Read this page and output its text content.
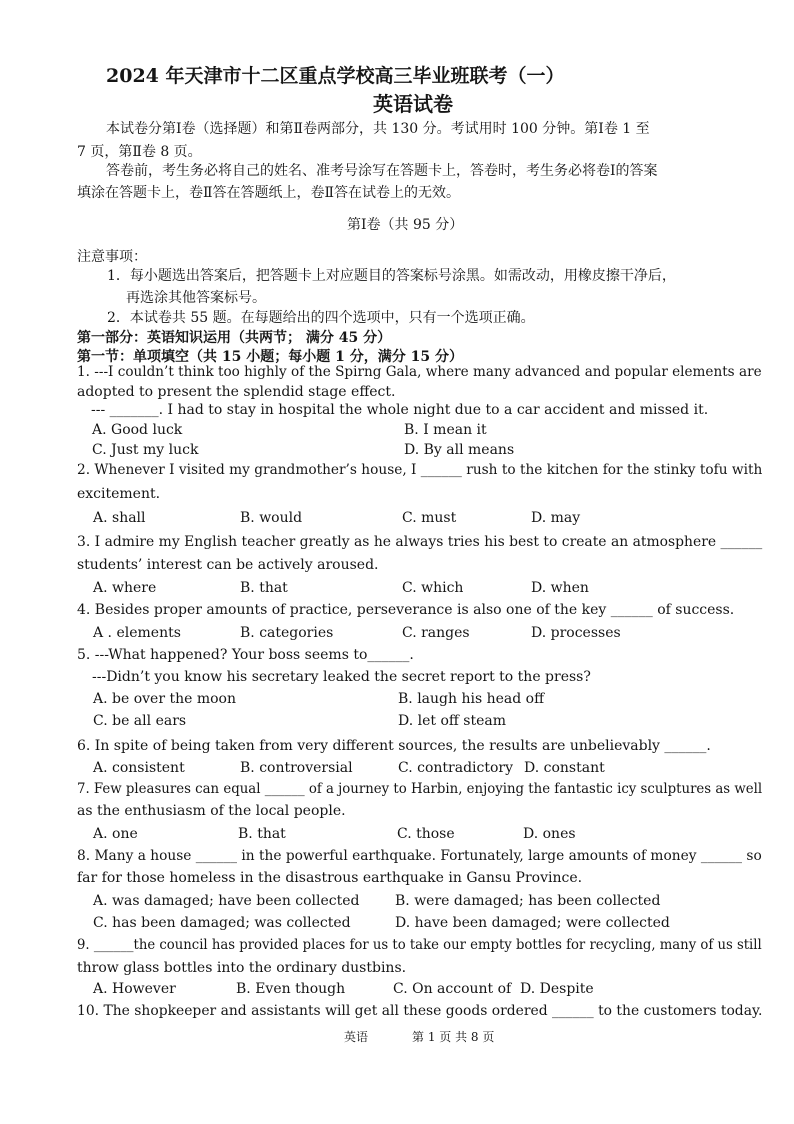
2024 年天津市十二区重点学校高三毕业班联考（一）
英语试卷
本试卷分第Ⅰ卷（选择题）和第Ⅱ卷两部分，共 130 分。考试用时 100 分钟。第Ⅰ卷 1 至
7 页，第Ⅱ卷 8 页。
答卷前，考生务必将自己的姓名、准考号涂写在答题卡上，答卷时，考生务必将卷Ⅰ的答案
填涂在答题卡上，卷Ⅱ答在答题纸上，卷Ⅱ答在试卷上的无效。
第Ⅰ卷（共 95 分）
注意事项：
1．每小题选出答案后，把答题卡上对应题目的答案标号涂黑。如需改动，用橡皮擦干净后，
再选涂其他答案标号。
2．本试卷共 55 题。在每题给出的四个选项中，只有一个选项正确。
第一部分：英语知识运用（共两节； 满分 45 分）
第一节：单项填空（共 15 小题；每小题 1 分，满分 15 分）
1. ---I couldn’t think too highly of the Spirng Gala, where many advanced and popular elements are
adopted to present the splendid stage effect.
--- _______. I had to stay in hospital the whole night due to a car accident and missed it.
A. Good luck	B. I mean it
C. Just my luck	D. By all means
2. Whenever I visited my grandmother’s house, I ______ rush to the kitchen for the stinky tofu with
excitement.
A. shall	B. would	C. must	D. may
3. I admire my English teacher greatly as he always tries his best to create an atmosphere ______
students’ interest can be actively aroused.
A. where	B. that	C. which	D. when
4. Besides proper amounts of practice, perseverance is also one of the key ______ of success.
A . elements	B. categories	C. ranges	D. processes
5. ---What happened? Your boss seems to______.
---Didn’t you know his secretary leaked the secret report to the press?
A. be over the moon	B. laugh his head off
C. be all ears	D. let off steam
6. In spite of being taken from very different sources, the results are unbelievably ______.
A. consistent	B. controversial	C. contradictory D. constant
7. Few pleasures can equal ______ of a journey to Harbin, enjoying the fantastic icy sculptures as well
as the enthusiasm of the local people.
A. one	B. that	C. those	D. ones
8. Many a house ______ in the powerful earthquake. Fortunately, large amounts of money ______ so
far for those homeless in the disastrous earthquake in Gansu Province.
A. was damaged; have been collected	B. were damaged; has been collected
C. has been damaged; was collected	D. have been damaged; were collected
9. ______the council has provided places for us to take our empty bottles for recycling, many of us still
throw glass bottles into the ordinary dustbins.
A. However	B. Even though	C. On account of D. Despite
10. The shopkeeper and assistants will get all these goods ordered ______ to the customers today.
英语	第 1 页 共 8 页
